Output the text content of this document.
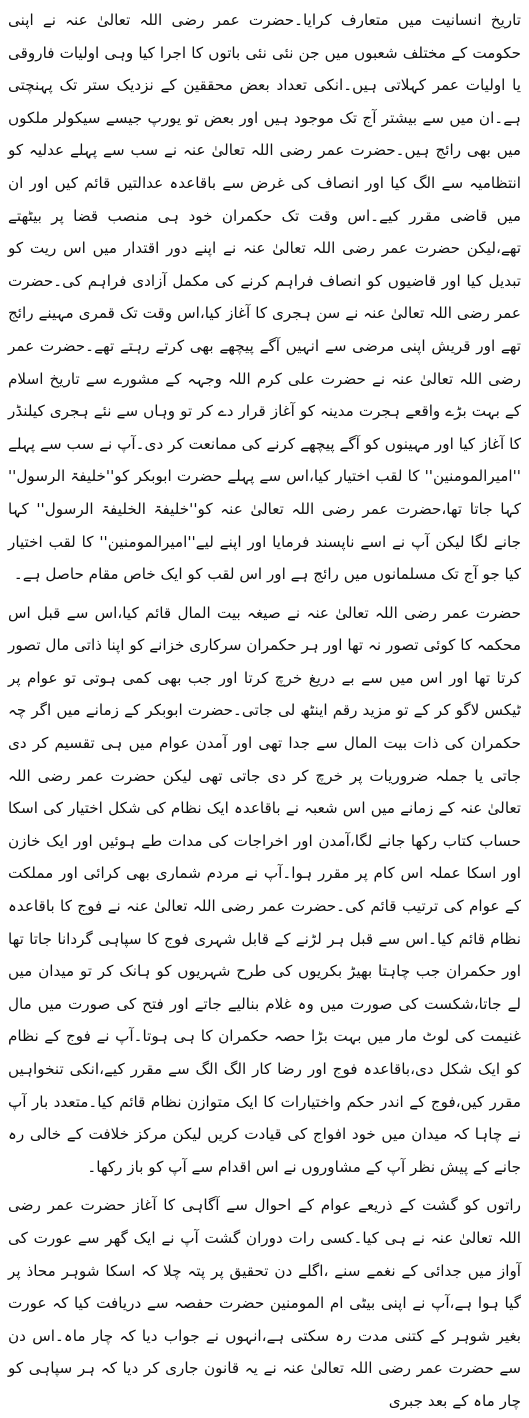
تاریخ انسانیت میں متعارف کرایا۔حضرت عمر رضی اللہ تعالیٰ عنہ نے اپنی حکومت کے مختلف شعبوں میں جن نئی نئی باتوں کا اجرا کیا وہی اولیات فاروقی یا اولیات عمر کہلاتی ہیں۔انکی تعداد بعض محققین کے نزدیک ستر تک پہنچتی ہے۔ان میں سے بیشتر آج تک موجود ہیں اور بعض تو یورپ جیسے سیکولر ملکوں میں بھی رائج ہیں۔حضرت عمر رضی اللہ تعالیٰ عنہ نے سب سے پہلے عدلیہ کو انتظامیہ سے الگ کیا اور انصاف کی غرض سے باقاعدہ عدالتیں قائم کیں اور ان میں قاضی مقرر کیے۔اس وقت تک حکمران خود ہی منصب قضا پر بیٹھتے تھے،لیکن حضرت عمر رضی اللہ تعالیٰ عنہ نے اپنے دور اقتدار میں اس ریت کو تبدیل کیا اور قاضیوں کو انصاف فراہم کرنے کی مکمل آزادی فراہم کی۔حضرت عمر رضی اللہ تعالیٰ عنہ نے سن ہجری کا آغاز کیا،اس وقت تک قمری مہینے رائج تھے اور قریش اپنی مرضی سے انہیں آگے پیچھے بھی کرتے رہتے تھے۔حضرت عمر رضی اللہ تعالیٰ عنہ نے حضرت علی کرم اللہ وجہہ کے مشورے سے تاریخ اسلام کے بہت بڑے واقعے ہجرت مدینہ کو آغاز قرار دے کر تو وہاں سے نئے ہجری کیلنڈر کا آغاز کیا اور مہینوں کو آگے پیچھے کرنے کی ممانعت کر دی۔آپ نے سب سے پہلے ''امیرالمومنین'' کا لقب اختیار کیا،اس سے پہلے حضرت ابوبکر کو''خلیفۃ الرسول'' کہا جاتا تھا،حضرت عمر رضی اللہ تعالیٰ عنہ کو''خلیفۃ الخلیفۃ الرسول'' کہا جانے لگا لیکن آپ نے اسے ناپسند فرمایا اور اپنے لیے''امیرالمومنین'' کا لقب اختیار کیا جو آج تک مسلمانوں میں رائج ہے اور اس لقب کو ایک خاص مقام حاصل ہے۔

حضرت عمر رضی اللہ تعالیٰ عنہ نے صیغہ بیت المال قائم کیا،اس سے قبل اس محکمہ کا کوئی تصور نہ تھا اور ہر حکمران سرکاری خزانے کو اپنا ذاتی مال تصور کرتا تھا اور اس میں سے بے دریغ خرچ کرتا اور جب بھی کمی ہوتی تو عوام پر ٹیکس لاگو کر کے تو مزید رقم اینٹھ لی جاتی۔حضرت ابوبکر کے زمانے میں اگر چہ حکمران کی ذات بیت المال سے جدا تھی اور آمدن عوام میں ہی تقسیم کر دی جاتی یا جملہ ضروریات پر خرچ کر دی جاتی تھی لیکن حضرت عمر رضی اللہ تعالیٰ عنہ کے زمانے میں اس شعبہ نے باقاعدہ ایک نظام کی شکل اختیار کی اسکا حساب کتاب رکھا جانے لگا،آمدن اور اخراجات کی مدات طے ہوئیں اور ایک خازن اور اسکا عملہ اس کام پر مقرر ہوا۔آپ نے مردم شماری بھی کرائی اور مملکت کے عوام کی ترتیب قائم کی۔حضرت عمر رضی اللہ تعالیٰ عنہ نے فوج کا باقاعدہ نظام قائم کیا۔اس سے قبل ہر لڑنے کے قابل شہری فوج کا سپاہی گردانا جاتا تھا اور حکمران جب چاہتا بھیڑ بکریوں کی طرح شہریوں کو ہانک کر تو میدان میں لے جاتا،شکست کی صورت میں وہ غلام بنالیے جاتے اور فتح کی صورت میں مال غنیمت کی لوٹ مار میں بہت بڑا حصہ حکمران کا ہی ہوتا۔آپ نے فوج کے نظام کو ایک شکل دی،باقاعدہ فوج اور رضا کار الگ الگ سے مقرر کیے،انکی تنخواہیں مقرر کیں،فوج کے اندر حکم واختیارات کا ایک متوازن نظام قائم کیا۔متعدد بار آپ نے چاہا کہ میدان میں خود افواج کی قیادت کریں لیکن مرکز خلافت کے خالی رہ جانے کے پیش نظر آپ کے مشاوروں نے اس اقدام سے آپ کو باز رکھا۔

راتوں کو گشت کے ذریعے عوام کے احوال سے آگاہی کا آغاز حضرت عمر رضی اللہ تعالیٰ عنہ نے ہی کیا۔کسی رات دوران گشت آپ نے ایک گھر سے عورت کی آواز میں جدائی کے نغمے سنے ،اگلے دن تحقیق پر پتہ چلا کہ اسکا شوہر محاذ پر گیا ہوا ہے،آپ نے اپنی بیٹی ام المومنین حضرت حفصہ سے دریافت کیا کہ عورت بغیر شوہر کے کتنی مدت رہ سکتی ہے،انہوں نے جواب دیا کہ چار ماہ۔اس دن سے حضرت عمر رضی اللہ تعالیٰ عنہ نے یہ قانون جاری کر دیا کہ ہر سپاہی کو چار ماہ کے بعد جبری
